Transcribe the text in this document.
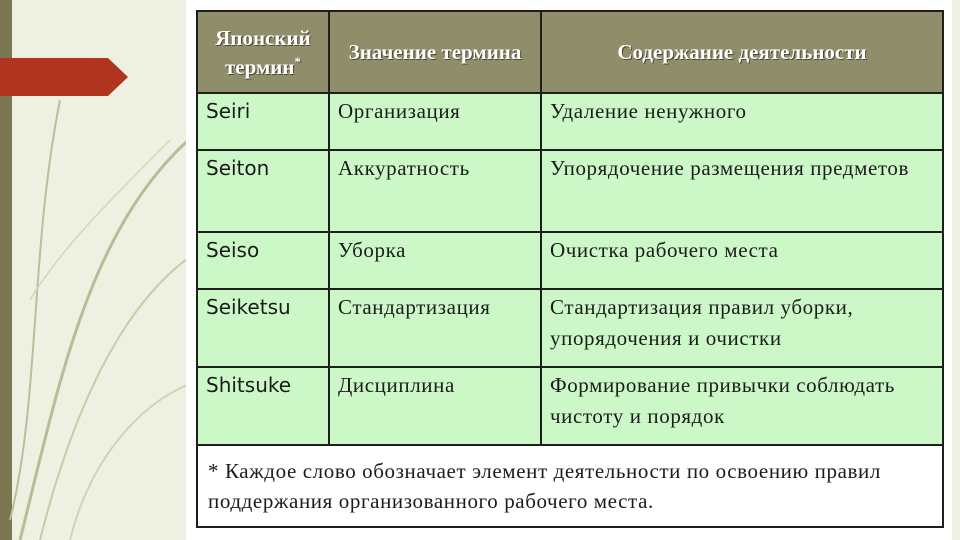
Японский термин*	Значение термина	Содержание деятельности
Seiri	Организация	Удаление ненужного
Seiton	Аккуратность	Упорядочение размещения предметов
Seiso	Уборка	Очистка рабочего места
Seiketsu	Стандартизация	Стандартизация правил уборки, упорядочения и очистки
Shitsuke	Дисциплина	Формирование привычки соблюдать чистоту и порядок
* Каждое слово обозначает элемент деятельности по освоению правил поддержания организованного рабочего места.		
